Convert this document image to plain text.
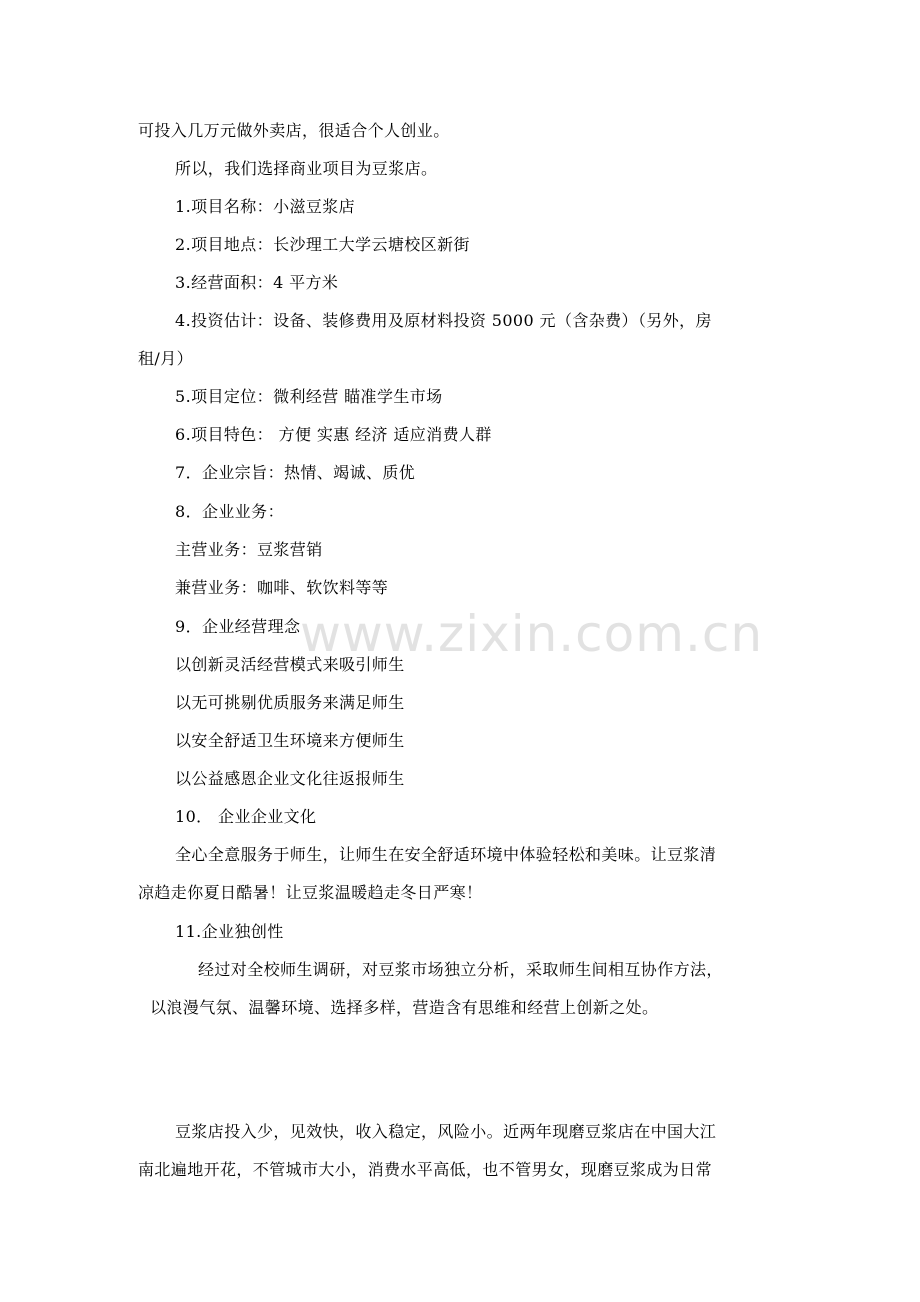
www.zixin.com.cn
可投入几万元做外卖店，很适合个人创业。
所以，我们选择商业项目为豆浆店。
1.项目名称：小滋豆浆店
2.项目地点：长沙理工大学云塘校区新街
3.经营面积：4 平方米
4.投资估计：设备、装修费用及原材料投资 5000 元（含杂费）（另外，房
租/月）
5.项目定位：微利经营 瞄准学生市场
6.项目特色： 方便 实惠 经济 适应消费人群
7．企业宗旨：热情、竭诚、质优
8．企业业务：
主营业务：豆浆营销
兼营业务：咖啡、软饮料等等
9．企业经营理念
以创新灵活经营模式来吸引师生
以无可挑剔优质服务来满足师生
以安全舒适卫生环境来方便师生
以公益感恩企业文化往返报师生
10． 企业企业文化
全心全意服务于师生，让师生在安全舒适环境中体验轻松和美味。让豆浆清
凉趋走你夏日酷暑！让豆浆温暖趋走冬日严寒！
11.企业独创性
经过对全校师生调研，对豆浆市场独立分析，采取师生间相互协作方法，
以浪漫气氛、温馨环境、选择多样，营造含有思维和经营上创新之处。
豆浆店投入少，见效快，收入稳定，风险小。近两年现磨豆浆店在中国大江
南北遍地开花，不管城市大小，消费水平高低，也不管男女，现磨豆浆成为日常
